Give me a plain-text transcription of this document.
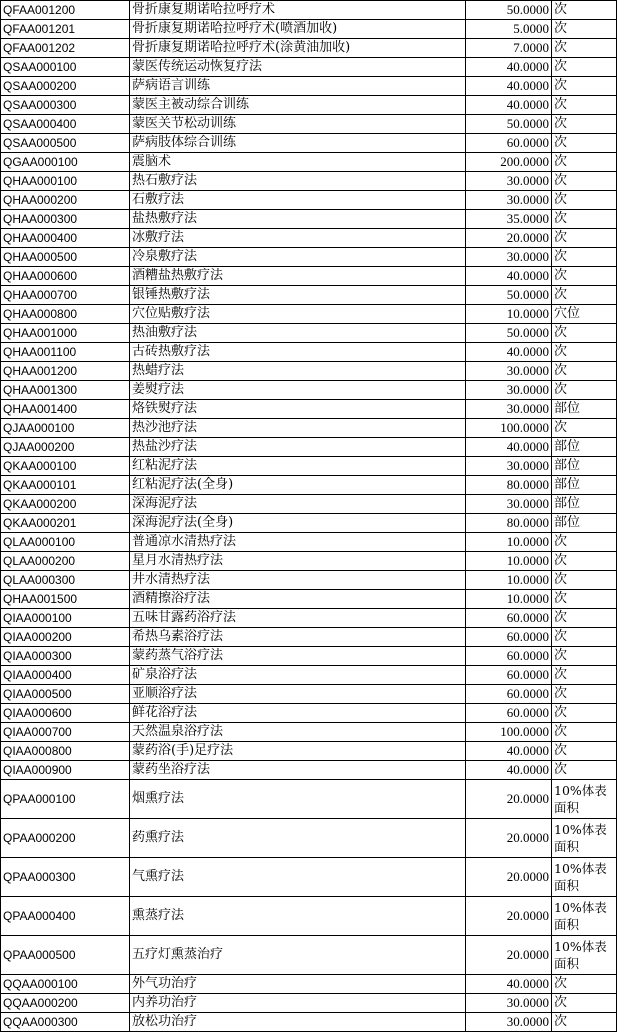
QFAA001200	骨折康复期诺哈拉呼疗术	50.0000	次
QFAA001201	骨折康复期诺哈拉呼疗术(喷酒加收)	5.0000	次
QFAA001202	骨折康复期诺哈拉呼疗术(涂黄油加收)	7.0000	次
QSAA000100	蒙医传统运动恢复疗法	40.0000	次
QSAA000200	萨病语言训练	40.0000	次
QSAA000300	蒙医主被动综合训练	40.0000	次
QSAA000400	蒙医关节松动训练	50.0000	次
QSAA000500	萨病肢体综合训练	60.0000	次
QGAA000100	震脑术	200.0000	次
QHAA000100	热石敷疗法	30.0000	次
QHAA000200	石敷疗法	30.0000	次
QHAA000300	盐热敷疗法	35.0000	次
QHAA000400	冰敷疗法	20.0000	次
QHAA000500	冷泉敷疗法	30.0000	次
QHAA000600	酒糟盐热敷疗法	40.0000	次
QHAA000700	银锤热敷疗法	50.0000	次
QHAA000800	穴位贴敷疗法	10.0000	穴位
QHAA001000	热油敷疗法	50.0000	次
QHAA001100	古砖热敷疗法	40.0000	次
QHAA001200	热蜡疗法	30.0000	次
QHAA001300	姜熨疗法	30.0000	次
QHAA001400	烙铁熨疗法	30.0000	部位
QJAA000100	热沙池疗法	100.0000	次
QJAA000200	热盐沙疗法	40.0000	部位
QKAA000100	红粘泥疗法	30.0000	部位
QKAA000101	红粘泥疗法(全身)	80.0000	部位
QKAA000200	深海泥疗法	30.0000	部位
QKAA000201	深海泥疗法(全身)	80.0000	部位
QLAA000100	普通凉水清热疗法	10.0000	次
QLAA000200	星月水清热疗法	10.0000	次
QLAA000300	井水清热疗法	10.0000	次
QHAA001500	酒精擦浴疗法	10.0000	次
QIAA000100	五味甘露药浴疗法	60.0000	次
QIAA000200	希热乌素浴疗法	60.0000	次
QIAA000300	蒙药蒸气浴疗法	60.0000	次
QIAA000400	矿泉浴疗法	60.0000	次
QIAA000500	亚顺浴疗法	60.0000	次
QIAA000600	鲜花浴疗法	60.0000	次
QIAA000700	天然温泉浴疗法	100.0000	次
QIAA000800	蒙药浴(手)足疗法	40.0000	次
QIAA000900	蒙药坐浴疗法	40.0000	次
QPAA000100	烟熏疗法	20.0000	10%体表面积
QPAA000200	药熏疗法	20.0000	10%体表面积
QPAA000300	气熏疗法	20.0000	10%体表面积
QPAA000400	熏蒸疗法	20.0000	10%体表面积
QPAA000500	五疗灯熏蒸治疗	20.0000	10%体表面积
QQAA000100	外气功治疗	40.0000	次
QQAA000200	内养功治疗	30.0000	次
QQAA000300	放松功治疗	30.0000	次
